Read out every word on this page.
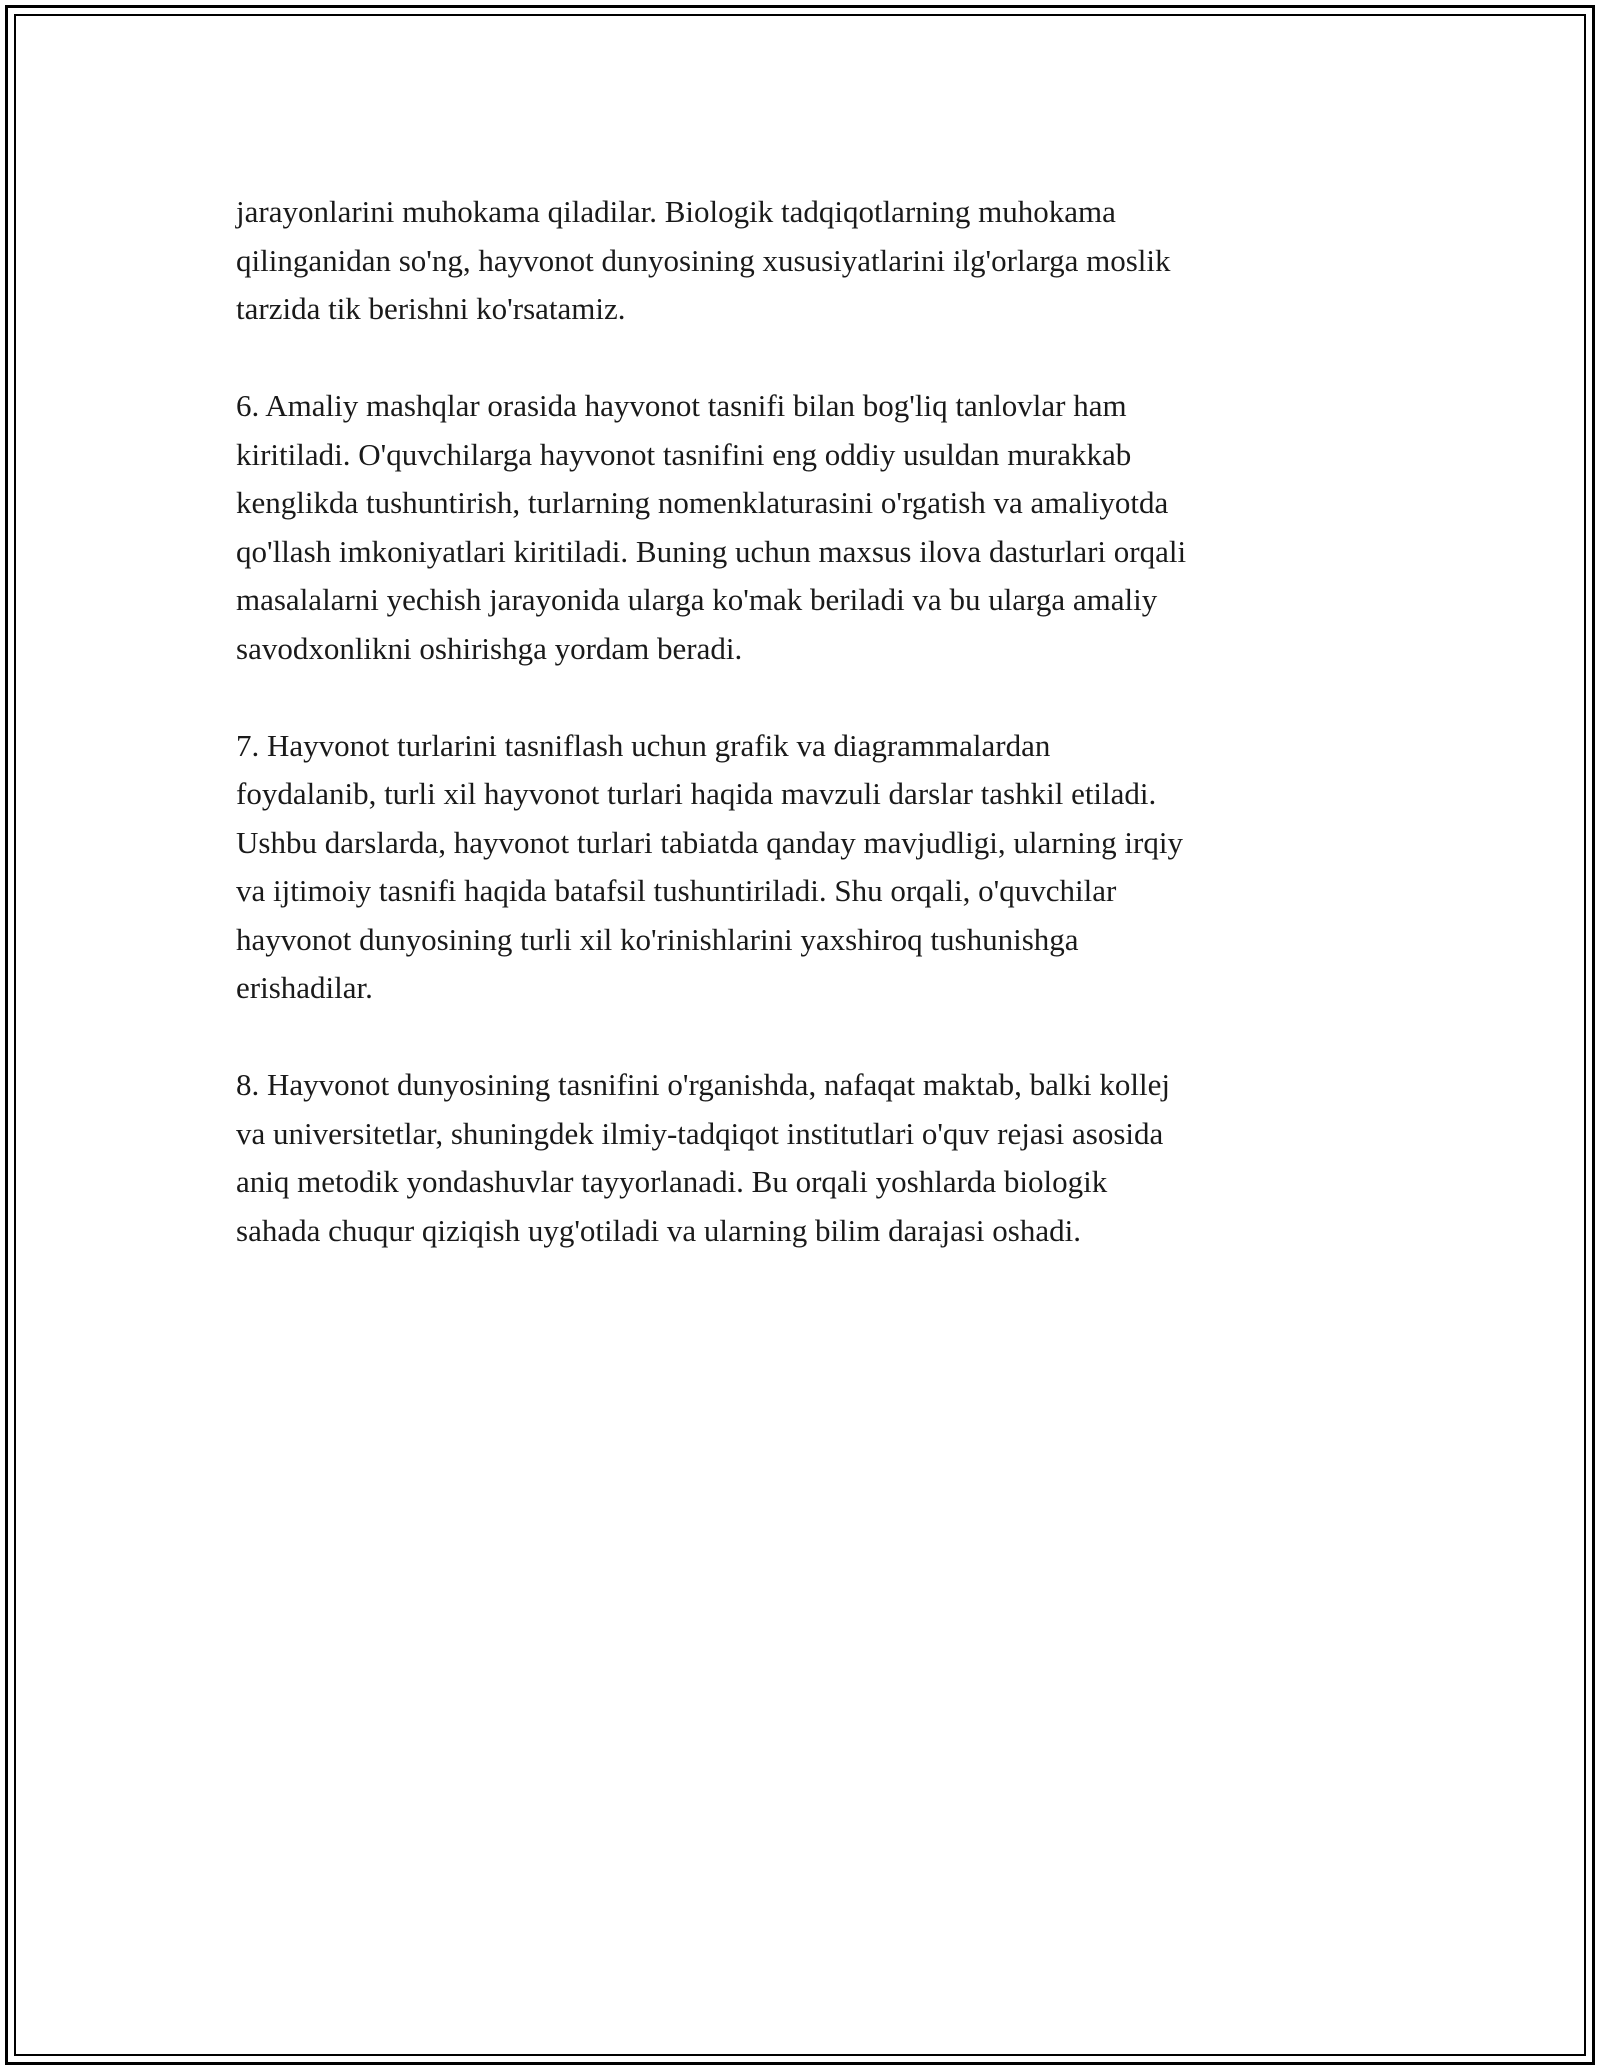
jarayonlarini muhokama qiladilar. Biologik tadqiqotlarning muhokama
qilinganidan so'ng, hayvonot dunyosining xususiyatlarini ilg'orlarga moslik
tarzida tik berishni ko'rsatamiz.
6. Amaliy mashqlar orasida hayvonot tasnifi bilan bog'liq tanlovlar ham
kiritiladi. O'quvchilarga hayvonot tasnifini eng oddiy usuldan murakkab
kenglikda tushuntirish, turlarning nomenklaturasini o'rgatish va amaliyotda
qo'llash imkoniyatlari kiritiladi. Buning uchun maxsus ilova dasturlari orqali
masalalarni yechish jarayonida ularga ko'mak beriladi va bu ularga amaliy
savodxonlikni oshirishga yordam beradi.
7. Hayvonot turlarini tasniflash uchun grafik va diagrammalardan
foydalanib, turli xil hayvonot turlari haqida mavzuli darslar tashkil etiladi.
Ushbu darslarda, hayvonot turlari tabiatda qanday mavjudligi, ularning irqiy
va ijtimoiy tasnifi haqida batafsil tushuntiriladi. Shu orqali, o'quvchilar
hayvonot dunyosining turli xil ko'rinishlarini yaxshiroq tushunishga
erishadilar.
8. Hayvonot dunyosining tasnifini o'rganishda, nafaqat maktab, balki kollej
va universitetlar, shuningdek ilmiy-tadqiqot institutlari o'quv rejasi asosida
aniq metodik yondashuvlar tayyorlanadi. Bu orqali yoshlarda biologik
sahada chuqur qiziqish uyg'otiladi va ularning bilim darajasi oshadi.
